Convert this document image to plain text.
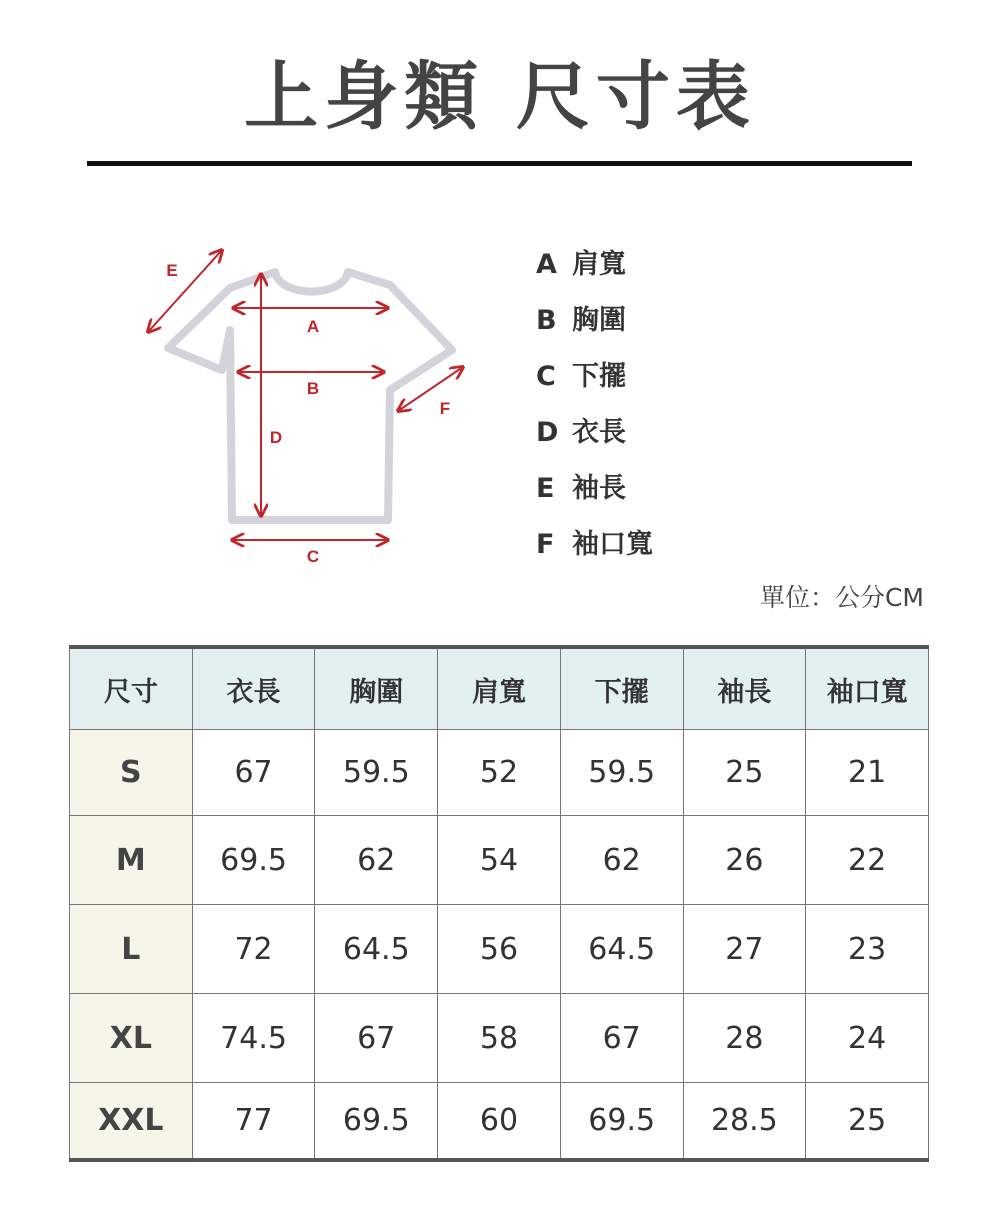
上身類 尺寸表
A
B
C
D
E
F
A 肩寬
B 胸圍
C 下擺
D 衣長
E 袖長
F 袖口寬
單位：公分CM
尺寸	衣長	胸圍	肩寬	下擺	袖長	袖口寬
S	67	59.5	52	59.5	25	21
M	69.5	62	54	62	26	22
L	72	64.5	56	64.5	27	23
XL	74.5	67	58	67	28	24
XXL	77	69.5	60	69.5	28.5	25
